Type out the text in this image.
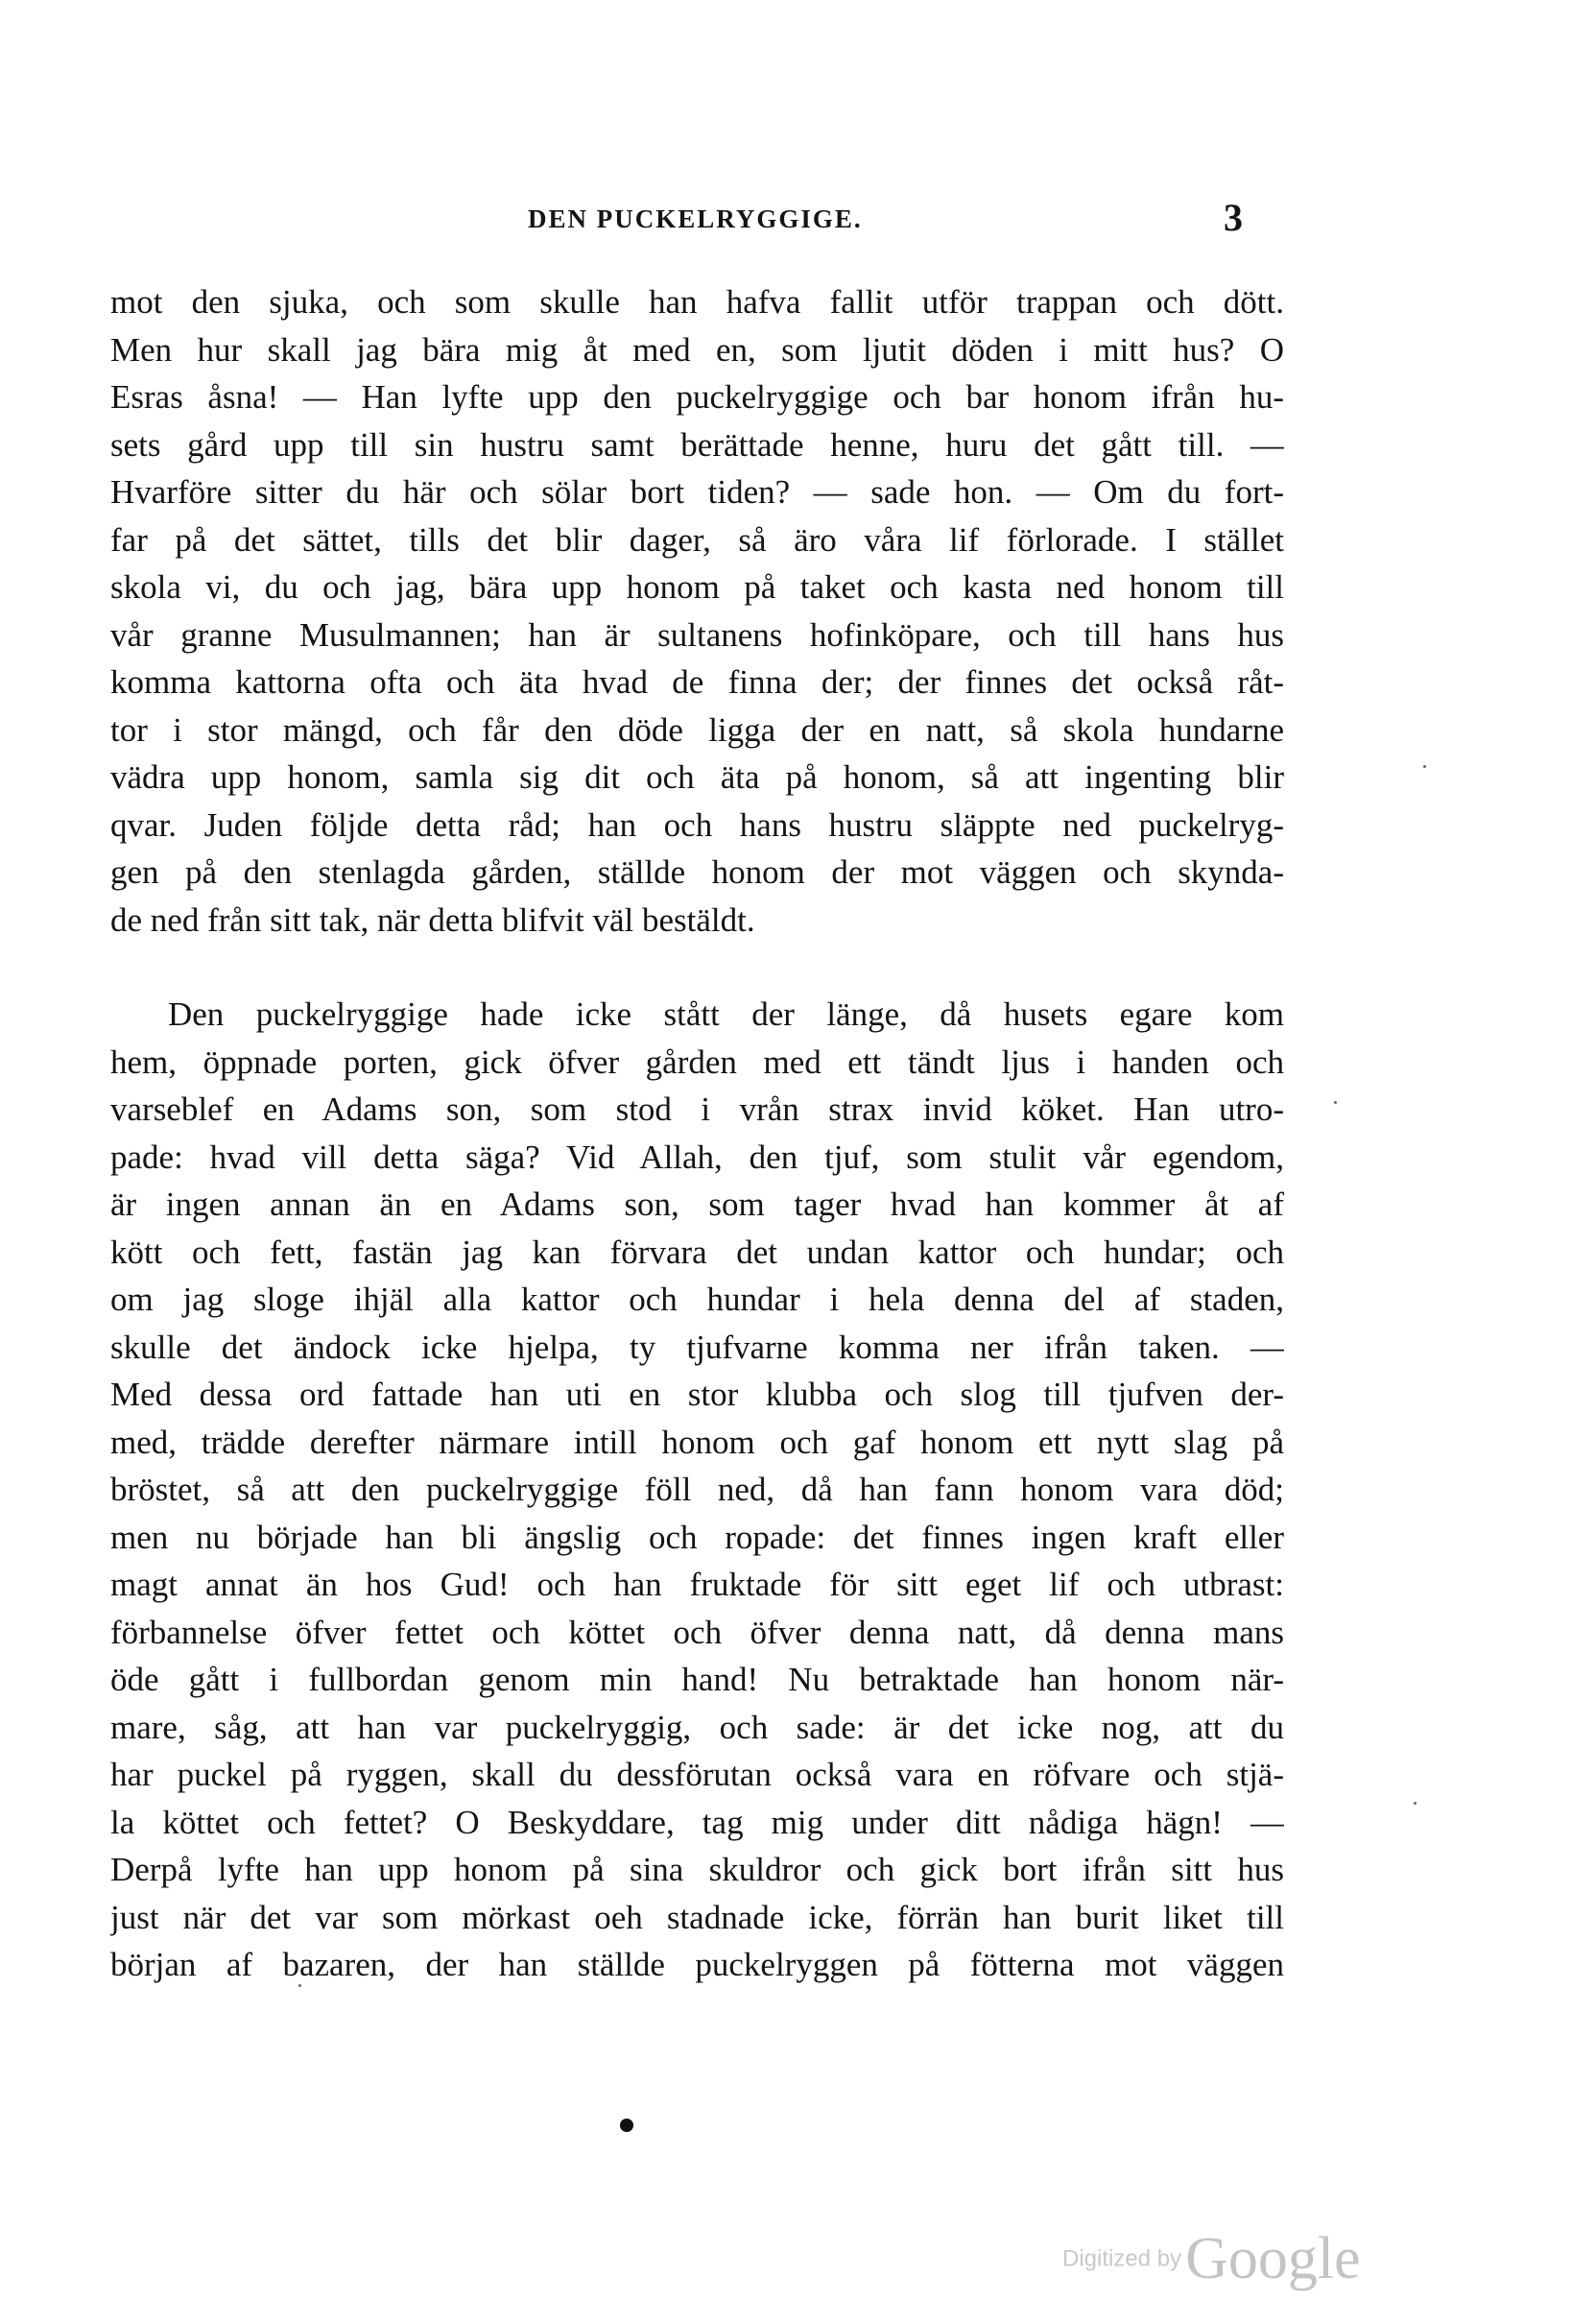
DEN PUCKELRYGGIGE.	3
mot den sjuka, och som skulle han hafva fallit utför trappan och dött.
Men hur skall jag bära mig åt med en, som ljutit döden i mitt hus? O
Esras åsna! — Han lyfte upp den puckelryggige och bar honom ifrån hu-
sets gård upp till sin hustru samt berättade henne, huru det gått till. —
Hvarföre sitter du här och sölar bort tiden? — sade hon. — Om du fort-
far på det sättet, tills det blir dager, så äro våra lif förlorade. I stället
skola vi, du och jag, bära upp honom på taket och kasta ned honom till
vår granne Musulmannen; han är sultanens hofinköpare, och till hans hus
komma kattorna ofta och äta hvad de finna der; der finnes det också råt-
tor i stor mängd, och får den döde ligga der en natt, så skola hundarne
vädra upp honom, samla sig dit och äta på honom, så att ingenting blir
qvar. Juden följde detta råd; han och hans hustru släppte ned puckelryg-
gen på den stenlagda gården, ställde honom der mot väggen och skynda-
de ned från sitt tak, när detta blifvit väl bestäldt.
Den puckelryggige hade icke stått der länge, då husets egare kom
hem, öppnade porten, gick öfver gården med ett tändt ljus i handen och
varseblef en Adams son, som stod i vrån strax invid köket. Han utro-
pade: hvad vill detta säga? Vid Allah, den tjuf, som stulit vår egendom,
är ingen annan än en Adams son, som tager hvad han kommer åt af
kött och fett, fastän jag kan förvara det undan kattor och hundar; och
om jag sloge ihjäl alla kattor och hundar i hela denna del af staden,
skulle det ändock icke hjelpa, ty tjufvarne komma ner ifrån taken. —
Med dessa ord fattade han uti en stor klubba och slog till tjufven der-
med, trädde derefter närmare intill honom och gaf honom ett nytt slag på
bröstet, så att den puckelryggige föll ned, då han fann honom vara död;
men nu började han bli ängslig och ropade: det finnes ingen kraft eller
magt annat än hos Gud! och han fruktade för sitt eget lif och utbrast:
förbannelse öfver fettet och köttet och öfver denna natt, då denna mans
öde gått i fullbordan genom min hand! Nu betraktade han honom när-
mare, såg, att han var puckelryggig, och sade: är det icke nog, att du
har puckel på ryggen, skall du dessförutan också vara en röfvare och stjä-
la köttet och fettet? O Beskyddare, tag mig under ditt nådiga hägn! —
Derpå lyfte han upp honom på sina skuldror och gick bort ifrån sitt hus
just när det var som mörkast oeh stadnade icke, förrän han burit liket till
början af bazaren, der han ställde puckelryggen på fötterna mot väggen
Digitized by Google
